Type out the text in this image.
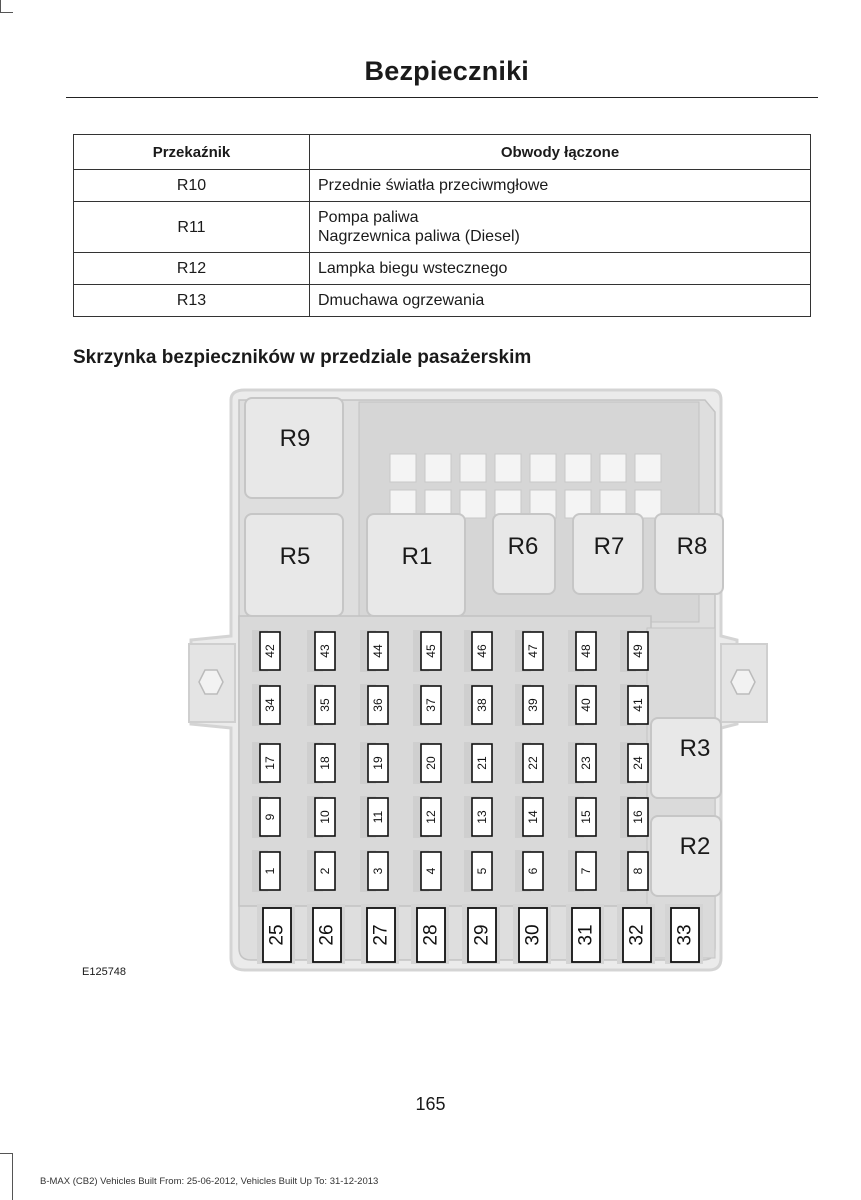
Bezpieczniki
Przekaźnik	Obwody łączone
R10	Przednie światła przeciwmgłowe
R11	Pompa paliwa
Nagrzewnica paliwa (Diesel)

R12	Lampka biegu wstecznego
R13	Dmuchawa ogrzewania
Skrzynka bezpieczników w przedziale pasażerskim
R9
R5	R1	R6 R7 R8
R3
R2
42	43	44	45	46	47	48	49
34	35	36	37	38	39	40	41
17	18	19	20	21	22	23	24
9	10	11	12	13	14	15	16
1	2	3	4	5	6	7	8
25 26 27 28 29 30 31 32 33
E125748
165
B-MAX (CB2) Vehicles Built From: 25-06-2012, Vehicles Built Up To: 31-12-2013
